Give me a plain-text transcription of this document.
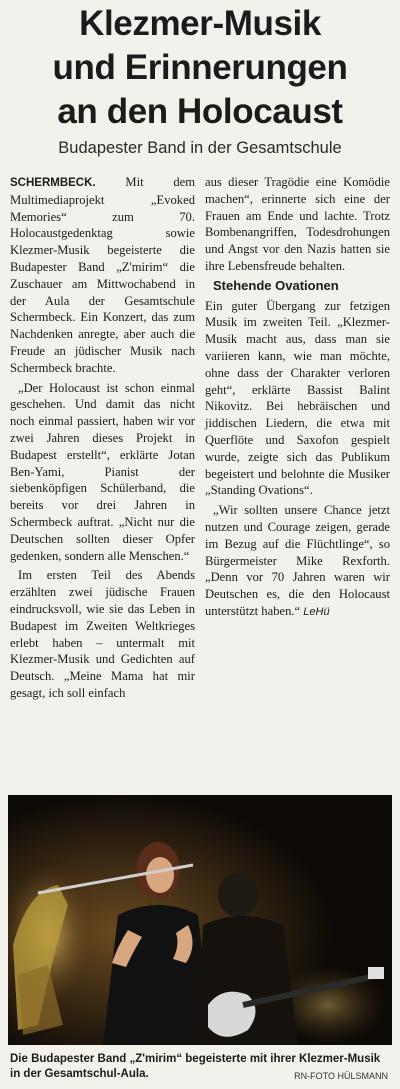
Klezmer-Musik
und Erinnerungen
an den Holocaust
Budapester Band in der Gesamtschule

SCHERMBECK. Mit dem Multimediaprojekt „Evoked Memories“ zum 70. Holocaustgedenktag sowie Klezmer-Musik begeisterte die Budapester Band „Z'mirim“ die Zuschauer am Mittwochabend in der Aula der Gesamtschule Schermbeck. Ein Konzert, das zum Nachdenken anregte, aber auch die Freude an jüdischer Musik nach Schermbeck brachte.

„Der Holocaust ist schon einmal geschehen. Und damit das nicht noch einmal passiert, haben wir vor zwei Jahren dieses Projekt in Budapest erstellt“, erklärte Jotan Ben-Yami, Pianist der siebenköpfigen Schülerband, die bereits vor drei Jahren in Schermbeck auftrat. „Nicht nur die Deutschen sollten dieser Opfer gedenken, sondern alle Menschen.“

Im ersten Teil des Abends erzählten zwei jüdische Frauen eindrucksvoll, wie sie das Leben in Budapest im Zweiten Weltkrieges erlebt haben – untermalt mit Klezmer-Musik und Gedichten auf Deutsch. „Meine Mama hat mir gesagt, ich soll einfach

aus dieser Tragödie eine Komödie machen“, erinnerte sich eine der Frauen am Ende und lachte. Trotz Bombenangriffen, Todesdrohungen und Angst vor den Nazis hatten sie ihre Lebensfreude behalten.

Stehende Ovationen

Ein guter Übergang zur fetzigen Musik im zweiten Teil. „Klezmer-Musik macht aus, dass man sie variieren kann, wie man möchte, ohne dass der Charakter verloren geht“, erklärte Bassist Balint Nikovitz. Bei hebräischen und jiddischen Liedern, die etwa mit Querflöte und Saxofon gespielt wurde, zeigte sich das Publikum begeistert und belohnte die Musiker „Standing Ovations“.

„Wir sollten unsere Chance jetzt nutzen und Courage zeigen, gerade im Bezug auf die Flüchtlinge“, so Bürgermeister Mike Rexforth. „Denn vor 70 Jahren waren wir Deutschen es, die den Holocaust unterstützt haben.“ LeHü

Die Budapester Band „Z'mirim“ begeisterte mit ihrer Klezmer-Musik in der Gesamtschul-Aula.	RN-FOTO HÜLSMANN
